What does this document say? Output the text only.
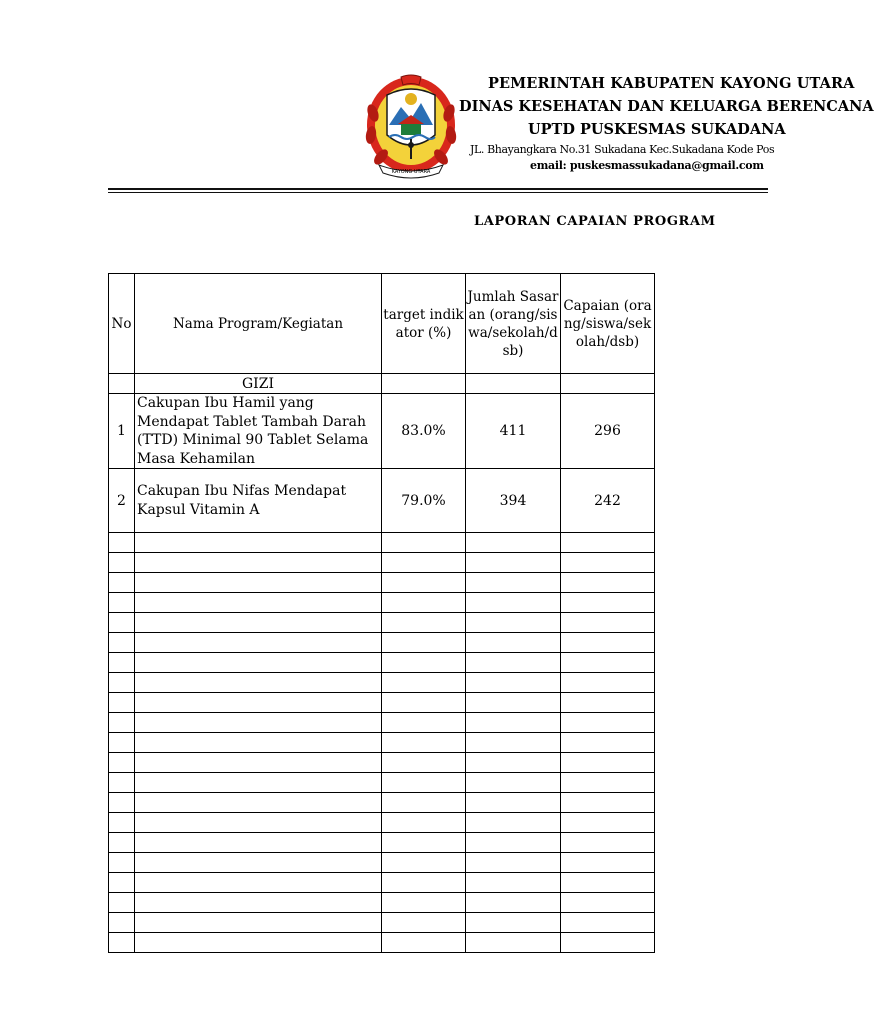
KAYONG UTARA
PEMERINTAH KABUPATEN KAYONG UTARA
DINAS KESEHATAN DAN KELUARGA BERENCANA
UPTD PUSKESMAS SUKADANA
JL. Bhayangkara No.31 Sukadana Kec.Sukadana Kode Pos
email: puskesmassukadana@gmail.com
LAPORAN CAPAIAN PROGRAM
No	Nama Program/Kegiatan	target indikator (%)	Jumlah Sasaran (orang/siswa/sekolah/dsb)	Capaian (orang/siswa/sekolah/dsb)

	GIZI			
1	Cakupan Ibu Hamil yang Mendapat Tablet Tambah Darah (TTD) Minimal 90 Tablet Selama Masa Kehamilan	83.0%	411	296
2	Cakupan Ibu Nifas Mendapat Kapsul Vitamin A	79.0%	394	242
